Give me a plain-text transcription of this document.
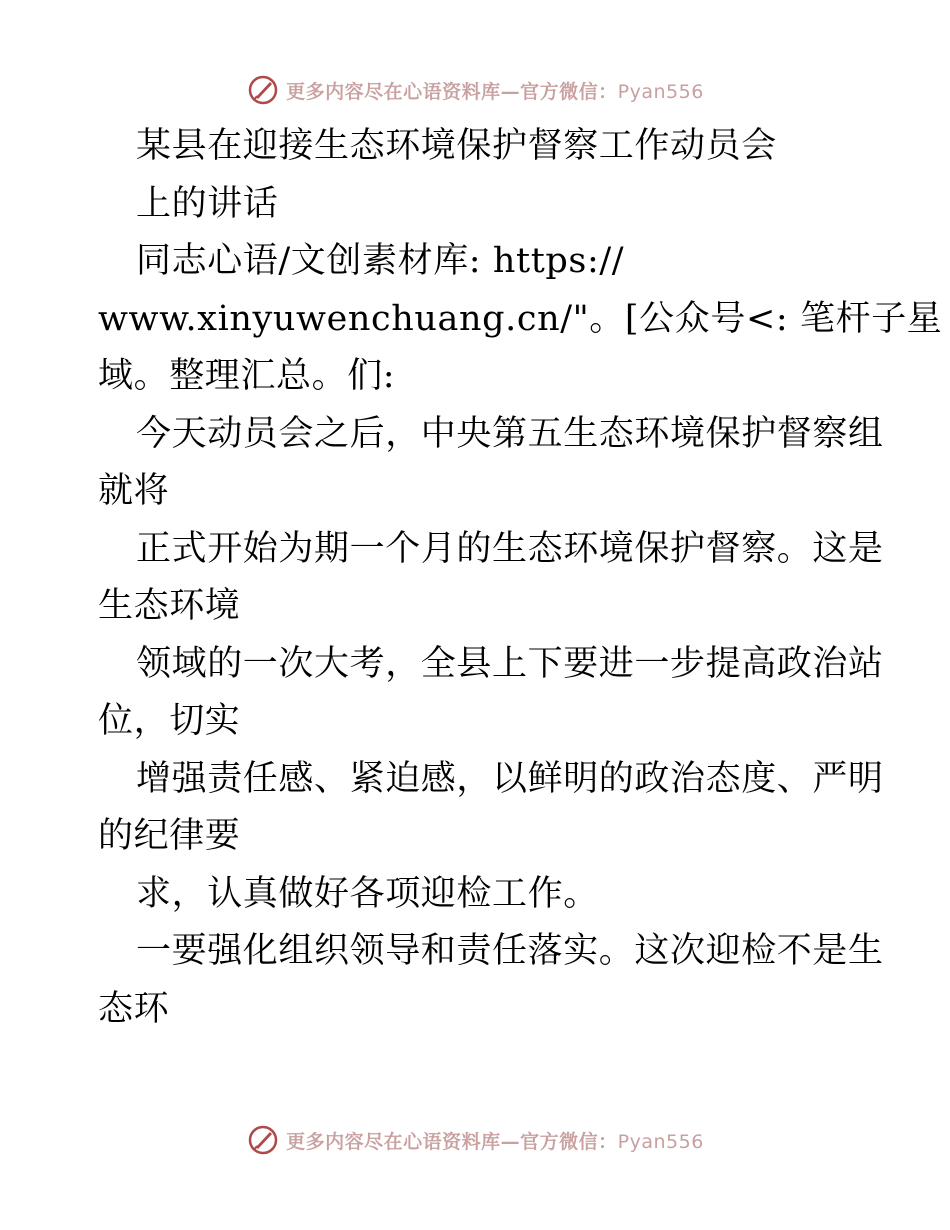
更多内容尽在心语资料库—官方微信：Pyan556
某县在迎接生态环境保护督察工作动员会
上的讲话
同志心语/文创素材库: https://
www.xinyuwenchuang.cn/"。[公众号<: 笔杆子星
域。整理汇总。们:
今天动员会之后，中央第五生态环境保护督察组
就将
正式开始为期一个月的生态环境保护督察。这是
生态环境
领域的一次大考，全县上下要进一步提高政治站
位，切实
增强责任感、紧迫感，以鲜明的政治态度、严明
的纪律要
求，认真做好各项迎检工作。
一要强化组织领导和责任落实。这次迎检不是生
态环
更多内容尽在心语资料库—官方微信：Pyan556
